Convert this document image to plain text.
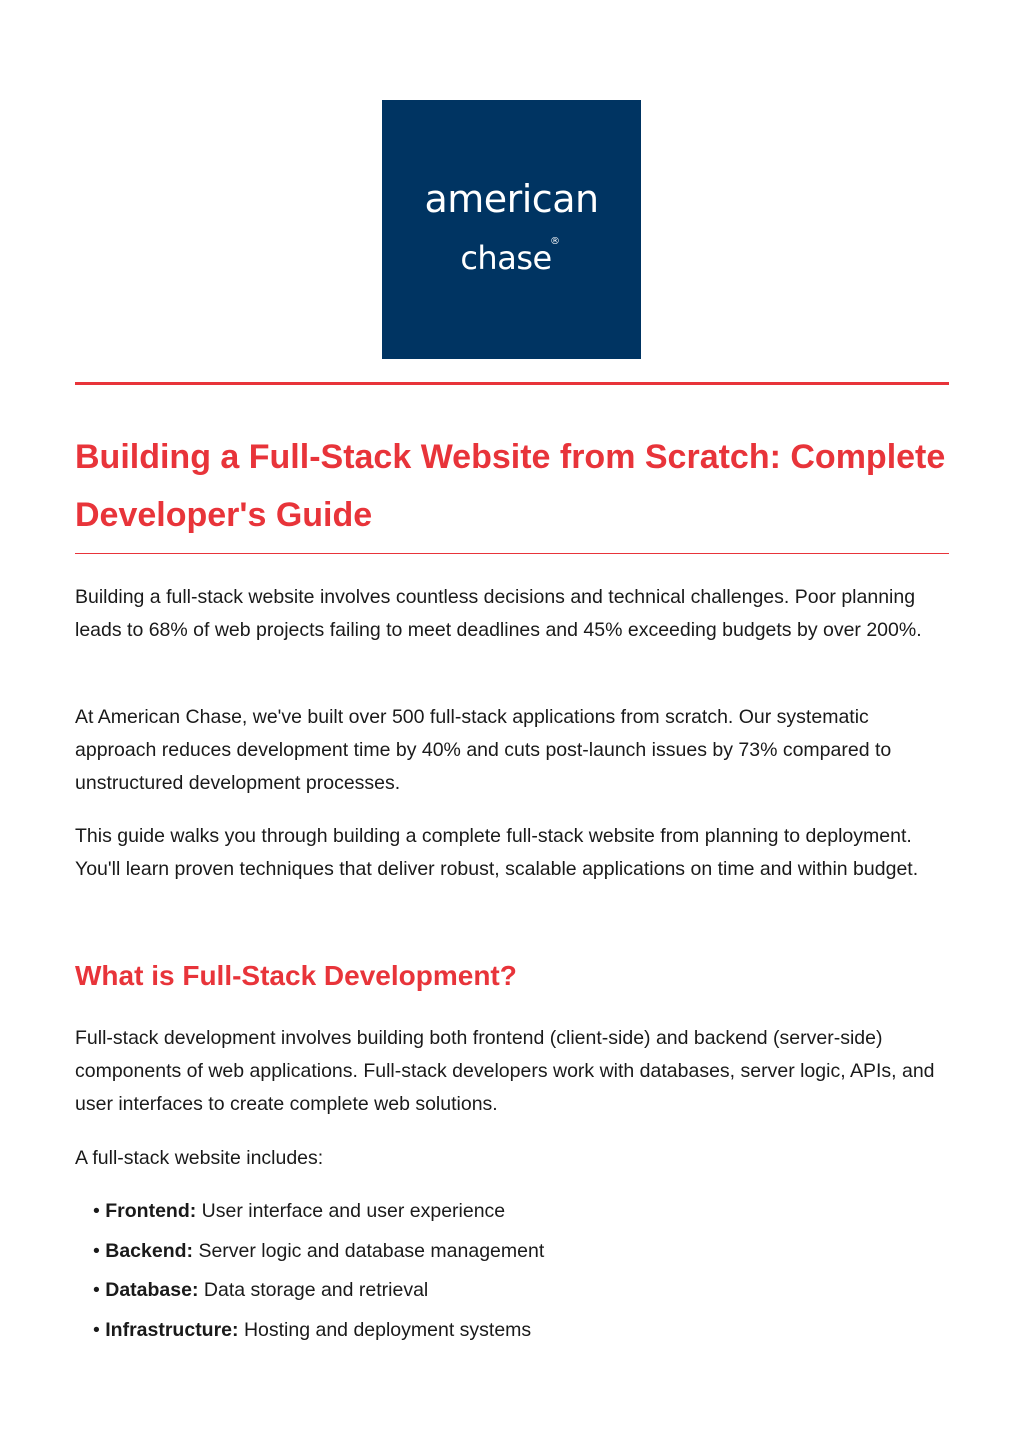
american
chase
®
Building a Full-Stack Website from Scratch: Complete Developer's Guide

Building a full-stack website involves countless decisions and technical challenges. Poor planning leads to 68% of web projects failing to meet deadlines and 45% exceeding budgets by over 200%.

At American Chase, we've built over 500 full-stack applications from scratch. Our systematic approach reduces development time by 40% and cuts post-launch issues by 73% compared to unstructured development processes.

This guide walks you through building a complete full-stack website from planning to deployment. You'll learn proven techniques that deliver robust, scalable applications on time and within budget.

What is Full-Stack Development?

Full-stack development involves building both frontend (client-side) and backend (server-side) components of web applications. Full-stack developers work with databases, server logic, APIs, and user interfaces to create complete web solutions.

A full-stack website includes:

• Frontend: User interface and user experience
• Backend: Server logic and database management
• Database: Data storage and retrieval
• Infrastructure: Hosting and deployment systems
